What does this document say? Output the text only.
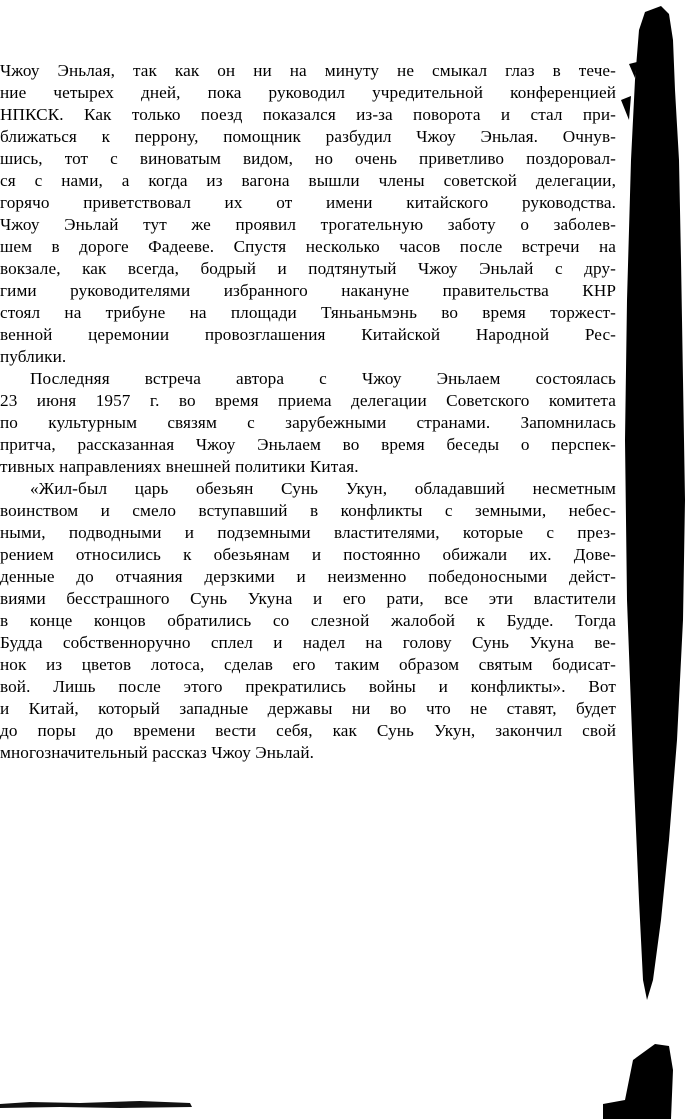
Чжоу Эньлая, так как он ни на минуту не смыкал глаз в тече-
ние четырех дней, пока руководил учредительной конференцией
НПКСК. Как только поезд показался из-за поворота и стал при-
ближаться к перрону, помощник разбудил Чжоу Эньлая. Очнув-
шись, тот с виноватым видом, но очень приветливо поздоровал-
ся с нами, а когда из вагона вышли члены советской делегации,
горячо приветствовал их от имени китайского руководства.
Чжоу Эньлай тут же проявил трогательную заботу о заболев-
шем в дороге Фадееве. Спустя несколько часов после встречи на
вокзале, как всегда, бодрый и подтянутый Чжоу Эньлай с дру-
гими руководителями избранного накануне правительства КНР
стоял на трибуне на площади Тяньаньмэнь во время торжест-
венной церемонии провозглашения Китайской Народной Рес-
публики.
Последняя встреча автора с Чжоу Эньлаем состоялась
23 июня 1957 г. во время приема делегации Советского комитета
по культурным связям с зарубежными странами. Запомнилась
притча, рассказанная Чжоу Эньлаем во время беседы о перспек-
тивных направлениях внешней политики Китая.
«Жил-был царь обезьян Сунь Укун, обладавший несметным
воинством и смело вступавший в конфликты с земными, небес-
ными, подводными и подземными властителями, которые с през-
рением относились к обезьянам и постоянно обижали их. Дове-
денные до отчаяния дерзкими и неизменно победоносными дейст-
виями бесстрашного Сунь Укуна и его рати, все эти властители
в конце концов обратились со слезной жалобой к Будде. Тогда
Будда собственноручно сплел и надел на голову Сунь Укуна ве-
нок из цветов лотоса, сделав его таким образом святым бодисат-
вой. Лишь после этого прекратились войны и конфликты». Вот
и Китай, который западные державы ни во что не ставят, будет
до поры до времени вести себя, как Сунь Укун, закончил свой
многозначительный рассказ Чжоу Эньлай.
